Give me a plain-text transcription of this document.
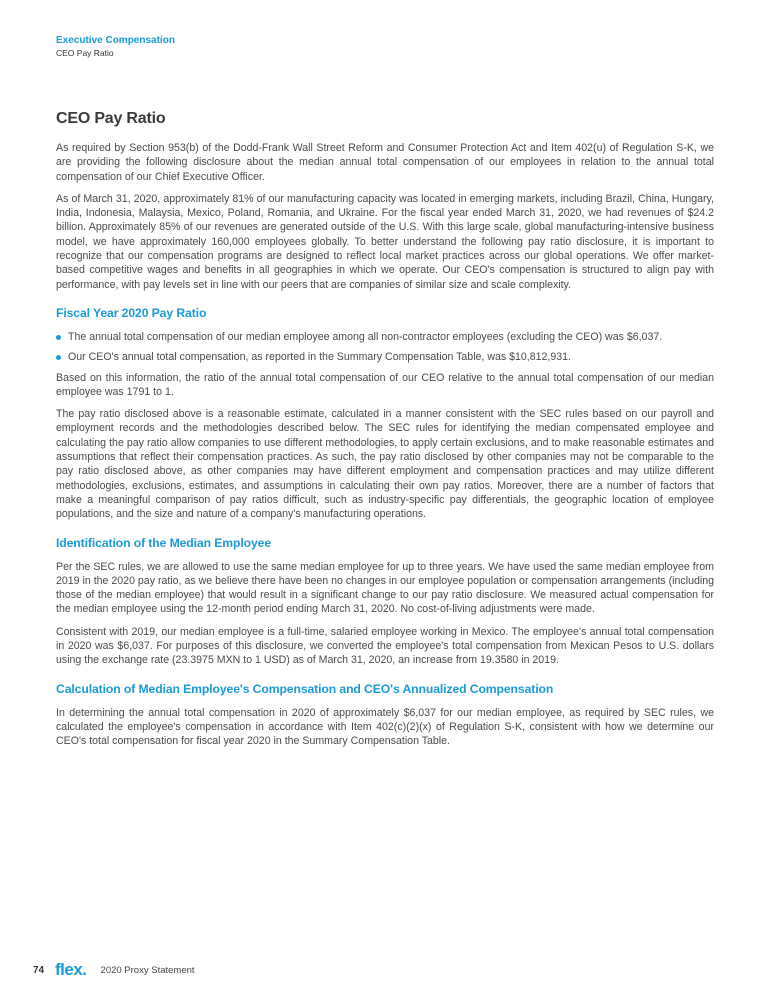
Executive Compensation
CEO Pay Ratio
CEO Pay Ratio

As required by Section 953(b) of the Dodd-Frank Wall Street Reform and Consumer Protection Act and Item 402(u) of Regulation S-K, we are providing the following disclosure about the median annual total compensation of our employees in relation to the annual total compensation of our Chief Executive Officer.

As of March 31, 2020, approximately 81% of our manufacturing capacity was located in emerging markets, including Brazil, China, Hungary, India, Indonesia, Malaysia, Mexico, Poland, Romania, and Ukraine. For the fiscal year ended March 31, 2020, we had revenues of $24.2 billion. Approximately 85% of our revenues are generated outside of the U.S. With this large scale, global manufacturing-intensive business model, we have approximately 160,000 employees globally. To better understand the following pay ratio disclosure, it is important to recognize that our compensation programs are designed to reflect local market practices across our global operations. We offer market-based competitive wages and benefits in all geographies in which we operate. Our CEO's compensation is structured to align pay with performance, with pay levels set in line with our peers that are companies of similar size and scale complexity.

Fiscal Year 2020 Pay Ratio
The annual total compensation of our median employee among all non-contractor employees (excluding the CEO) was $6,037.
Our CEO's annual total compensation, as reported in the Summary Compensation Table, was $10,812,931.

Based on this information, the ratio of the annual total compensation of our CEO relative to the annual total compensation of our median employee was 1791 to 1.

The pay ratio disclosed above is a reasonable estimate, calculated in a manner consistent with the SEC rules based on our payroll and employment records and the methodologies described below. The SEC rules for identifying the median compensated employee and calculating the pay ratio allow companies to use different methodologies, to apply certain exclusions, and to make reasonable estimates and assumptions that reflect their compensation practices. As such, the pay ratio disclosed by other companies may not be comparable to the pay ratio disclosed above, as other companies may have different employment and compensation practices and may utilize different methodologies, exclusions, estimates, and assumptions in calculating their own pay ratios. Moreover, there are a number of factors that make a meaningful comparison of pay ratios difficult, such as industry-specific pay differentials, the geographic location of employee populations, and the size and nature of a company's manufacturing operations.

Identification of the Median Employee

Per the SEC rules, we are allowed to use the same median employee for up to three years. We have used the same median employee from 2019 in the 2020 pay ratio, as we believe there have been no changes in our employee population or compensation arrangements (including those of the median employee) that would result in a significant change to our pay ratio disclosure. We measured actual compensation for the median employee using the 12-month period ending March 31, 2020. No cost-of-living adjustments were made.

Consistent with 2019, our median employee is a full-time, salaried employee working in Mexico. The employee's annual total compensation in 2020 was $6,037. For purposes of this disclosure, we converted the employee's total compensation from Mexican Pesos to U.S. dollars using the exchange rate (23.3975 MXN to 1 USD) as of March 31, 2020, an increase from 19.3580 in 2019.

Calculation of Median Employee's Compensation and CEO's Annualized Compensation

In determining the annual total compensation in 2020 of approximately $6,037 for our median employee, as required by SEC rules, we calculated the employee's compensation in accordance with Item 402(c)(2)(x) of Regulation S-K, consistent with how we determine our CEO's total compensation for fiscal year 2020 in the Summary Compensation Table.

74 flex. 2020 Proxy Statement
